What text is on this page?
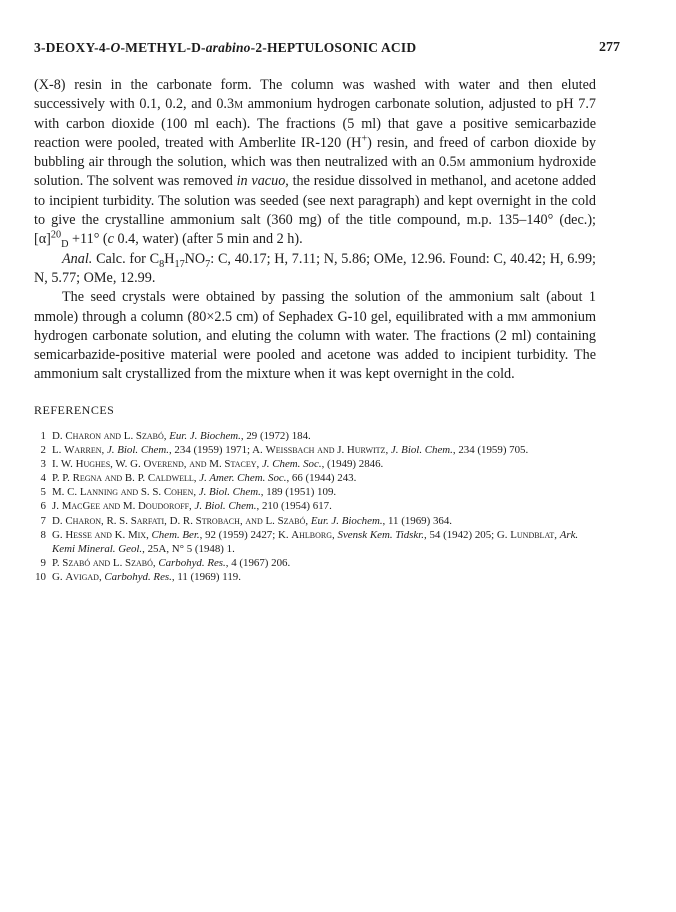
3-DEOXY-4-O-METHYL-D-arabino-2-HEPTULOSONIC ACID	277

(X-8) resin in the carbonate form. The column was washed with water and then eluted successively with 0.1, 0.2, and 0.3m ammonium hydrogen carbonate solution, adjusted to pH 7.7 with carbon dioxide (100 ml each). The fractions (5 ml) that gave a positive semicarbazide reaction were pooled, treated with Amberlite IR-120 (H+) resin, and freed of carbon dioxide by bubbling air through the solution, which was then neutralized with an 0.5m ammonium hydroxide solution. The solvent was removed in vacuo, the residue dissolved in methanol, and acetone added to incipient turbidity. The solution was seeded (see next paragraph) and kept overnight in the cold to give the crystalline ammonium salt (360 mg) of the title compound, m.p. 135–140° (dec.); $[\alpha]^{20}_D +11^\circ$ (c 0.4, water) (after 5 min and 2 h).

Anal. Calc. for $C_8H_{17}NO_7$: C, 40.17; H, 7.11; N, 5.86; OMe, 12.96. Found: C, 40.42; H, 6.99; N, 5.77; OMe, 12.99.

The seed crystals were obtained by passing the solution of the ammonium salt (about 1 mmole) through a column (80×2.5 cm) of Sephadex G-10 gel, equilibrated with a mm ammonium hydrogen carbonate solution, and eluting the column with water. The fractions (2 ml) containing semicarbazide-positive material were pooled and acetone was added to incipient turbidity. The ammonium salt crystallized from the mixture when it was kept overnight in the cold.

REFERENCES
1 D. Charon and L. Szabó, Eur. J. Biochem., 29 (1972) 184.
2 L. Warren, J. Biol. Chem., 234 (1959) 1971; A. Weissbach and J. Hurwitz, J. Biol. Chem., 234 (1959) 705.
3 I. W. Hughes, W. G. Overend, and M. Stacey, J. Chem. Soc., (1949) 2846.
4 P. P. Regna and B. P. Caldwell, J. Amer. Chem. Soc., 66 (1944) 243.
5 M. C. Lanning and S. S. Cohen, J. Biol. Chem., 189 (1951) 109.
6 J. MacGee and M. Doudoroff, J. Biol. Chem., 210 (1954) 617.
7 D. Charon, R. S. Sarfati, D. R. Strobach, and L. Szabó, Eur. J. Biochem., 11 (1969) 364.
8 G. Hesse and K. Mix, Chem. Ber., 92 (1959) 2427; K. Ahlborg, Svensk Kem. Tidskr., 54 (1942) 205; G. Lundblat, Ark. Kemi Mineral. Geol., 25A, N° 5 (1948) 1.
9 P. Szabó and L. Szabó, Carbohyd. Res., 4 (1967) 206.
10 G. Avigad, Carbohyd. Res., 11 (1969) 119.
